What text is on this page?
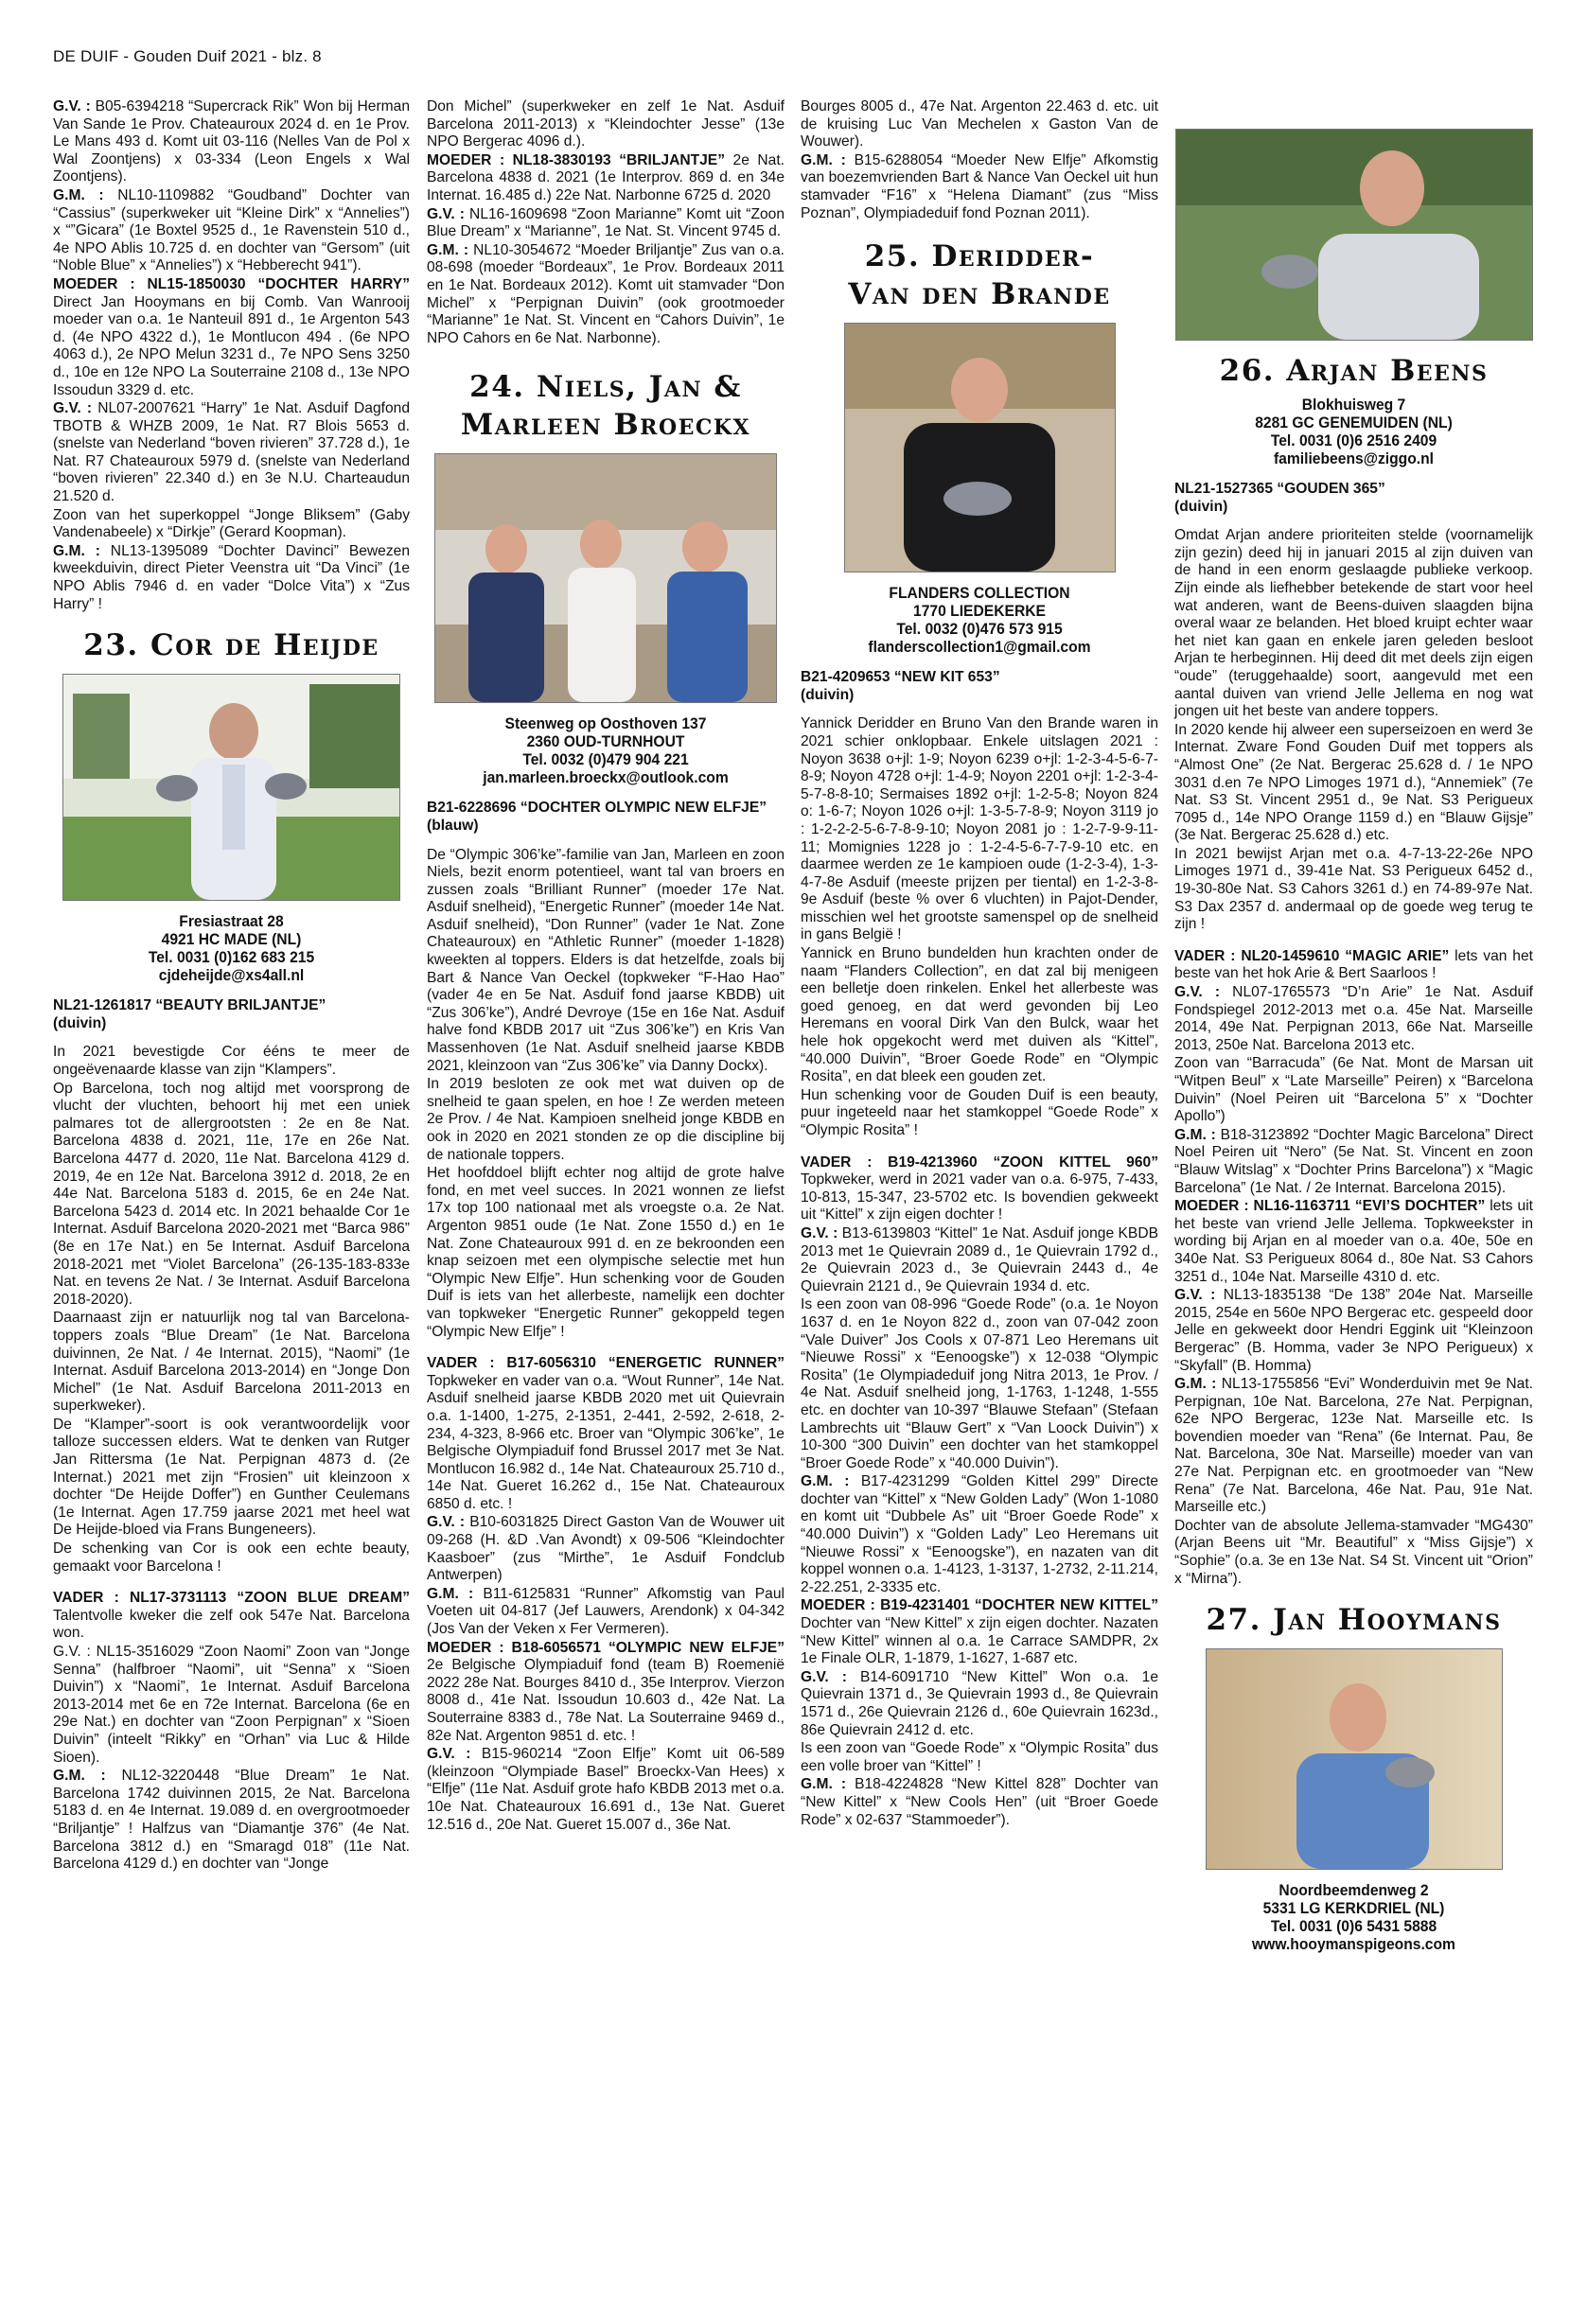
DE DUIF - Gouden Duif 2021 - blz. 8

G.V. : B05-6394218 “Supercrack Rik” Won bij Herman Van Sande 1e Prov. Chateauroux 2024 d. en 1e Prov. Le Mans 493 d. Komt uit 03-116 (Nelles Van de Pol x Wal Zoontjens) x 03-334 (Leon Engels x Wal Zoontjens).

G.M. : NL10-1109882 “Goudband” Dochter van “Cassius” (superkweker uit “Kleine Dirk” x “Annelies”) x “”Gicara” (1e Boxtel 9525 d., 1e Ravenstein 510 d., 4e NPO Ablis 10.725 d. en dochter van “Gersom” (uit “Noble Blue” x “Annelies”) x “Hebberecht 941”).

MOEDER : NL15-1850030 “DOCHTER HARRY” Direct Jan Hooymans en bij Comb. Van Wanrooij moeder van o.a. 1e Nanteuil 891 d., 1e Argenton 543 d. (4e NPO 4322 d.), 1e Montlucon 494 . (6e NPO 4063 d.), 2e NPO Melun 3231 d., 7e NPO Sens 3250 d., 10e en 12e NPO La Souterraine 2108 d., 13e NPO Issoudun 3329 d. etc.

G.V. : NL07-2007621 “Harry” 1e Nat. Asduif Dagfond TBOTB & WHZB 2009, 1e Nat. R7 Blois 5653 d. (snelste van Nederland “boven rivieren” 37.728 d.), 1e Nat. R7 Chateauroux 5979 d. (snelste van Nederland “boven rivieren” 22.340 d.) en 3e N.U. Charteaudun 21.520 d.

Zoon van het superkoppel “Jonge Bliksem” (Gaby Vandenabeele) x “Dirkje” (Gerard Koopman).

G.M. : NL13-1395089 “Dochter Davinci” Bewezen kweekduivin, direct Pieter Veenstra uit “Da Vinci” (1e NPO Ablis 7946 d. en vader “Dolce Vita”) x “Zus Harry” !

23. Cor de Heijde
Fresiastraat 28
4921 HC MADE (NL)
Tel. 0031 (0)162 683 215
cjdeheijde@xs4all.nl
NL21-1261817 “BEAUTY BRILJANTJE”
(duivin)

In 2021 bevestigde Cor ééns te meer de ongeëvenaarde klasse van zijn “Klampers”.

Op Barcelona, toch nog altijd met voorsprong de vlucht der vluchten, behoort hij met een uniek palmares tot de allergrootsten : 2e en 8e Nat. Barcelona 4838 d. 2021, 11e, 17e en 26e Nat. Barcelona 4477 d. 2020, 11e Nat. Barcelona 4129 d. 2019, 4e en 12e Nat. Barcelona 3912 d. 2018, 2e en 44e Nat. Barcelona 5183 d. 2015, 6e en 24e Nat. Barcelona 5423 d. 2014 etc. In 2021 behaalde Cor 1e Internat. Asduif Barcelona 2020-2021 met “Barca 986” (8e en 17e Nat.) en 5e Internat. Asduif Barcelona 2018-2021 met “Violet Barcelona” (26-135-183-833e Nat. en tevens 2e Nat. / 3e Internat. Asduif Barcelona 2018-2020).

Daarnaast zijn er natuurlijk nog tal van Barcelona-toppers zoals “Blue Dream” (1e Nat. Barcelona duivinnen, 2e Nat. / 4e Internat. 2015), “Naomi” (1e Internat. Asduif Barcelona 2013-2014) en “Jonge Don Michel” (1e Nat. Asduif Barcelona 2011-2013 en superkweker).

De “Klamper”-soort is ook verantwoordelijk voor talloze successen elders. Wat te denken van Rutger Jan Rittersma (1e Nat. Perpignan 4873 d. (2e Internat.) 2021 met zijn “Frosien” uit kleinzoon x dochter “De Heijde Doffer”) en Gunther Ceulemans (1e Internat. Agen 17.759 jaarse 2021 met heel wat De Heijde-bloed via Frans Bungeneers).

De schenking van Cor is ook een echte beauty, gemaakt voor Barcelona !

VADER : NL17-3731113 “ZOON BLUE DREAM” Talentvolle kweker die zelf ook 547e Nat. Barcelona won.

G.V. : NL15-3516029 “Zoon Naomi” Zoon van “Jonge Senna” (halfbroer “Naomi”, uit “Senna” x “Sioen Duivin”) x “Naomi”, 1e Internat. Asduif Barcelona 2013-2014 met 6e en 72e Internat. Barcelona (6e en 29e Nat.) en dochter van “Zoon Perpignan” x “Sioen Duivin” (inteelt “Rikky” en “Orhan” via Luc & Hilde Sioen).

G.M. : NL12-3220448 “Blue Dream” 1e Nat. Barcelona 1742 duivinnen 2015, 2e Nat. Barcelona 5183 d. en 4e Internat. 19.089 d. en overgrootmoeder “Briljantje” ! Halfzus van “Diamantje 376” (4e Nat. Barcelona 3812 d.) en “Smaragd 018” (11e Nat. Barcelona 4129 d.) en dochter van “Jonge

Don Michel” (superkweker en zelf 1e Nat. Asduif Barcelona 2011-2013) x “Kleindochter Jesse” (13e NPO Bergerac 4096 d.).

MOEDER : NL18-3830193 “BRILJANTJE” 2e Nat. Barcelona 4838 d. 2021 (1e Interprov. 869 d. en 34e Internat. 16.485 d.) 22e Nat. Narbonne 6725 d. 2020

G.V. : NL16-1609698 “Zoon Marianne” Komt uit “Zoon Blue Dream” x “Marianne”, 1e Nat. St. Vincent 9745 d.

G.M. : NL10-3054672 “Moeder Briljantje” Zus van o.a. 08-698 (moeder “Bordeaux”, 1e Prov. Bordeaux 2011 en 1e Nat. Bordeaux 2012). Komt uit stamvader “Don Michel” x “Perpignan Duivin” (ook grootmoeder “Marianne” 1e Nat. St. Vincent en “Cahors Duivin”, 1e NPO Cahors en 6e Nat. Narbonne).

24. Niels, Jan &
Marleen Broeckx
Steenweg op Oosthoven 137
2360 OUD-TURNHOUT
Tel. 0032 (0)479 904 221
jan.marleen.broeckx@outlook.com
B21-6228696 “DOCHTER OLYMPIC NEW ELFJE”
(blauw)

De “Olympic 306’ke”-familie van Jan, Marleen en zoon Niels, bezit enorm potentieel, want tal van broers en zussen zoals “Brilliant Runner” (moeder 17e Nat. Asduif snelheid), “Energetic Runner” (moeder 14e Nat. Asduif snelheid), “Don Runner” (vader 1e Nat. Zone Chateauroux) en “Athletic Runner” (moeder 1-1828) kweekten al toppers. Elders is dat hetzelfde, zoals bij Bart & Nance Van Oeckel (topkweker “F-Hao Hao” (vader 4e en 5e Nat. Asduif fond jaarse KBDB) uit “Zus 306’ke”), André Devroye (15e en 16e Nat. Asduif halve fond KBDB 2017 uit “Zus 306’ke”) en Kris Van Massenhoven (1e Nat. Asduif snelheid jaarse KBDB 2021, kleinzoon van “Zus 306’ke” via Danny Dockx).

In 2019 besloten ze ook met wat duiven op de snelheid te gaan spelen, en hoe ! Ze werden meteen 2e Prov. / 4e Nat. Kampioen snelheid jonge KBDB en ook in 2020 en 2021 stonden ze op die discipline bij de nationale toppers.

Het hoofddoel blijft echter nog altijd de grote halve fond, en met veel succes. In 2021 wonnen ze liefst 17x top 100 nationaal met als vroegste o.a. 2e Nat. Argenton 9851 oude (1e Nat. Zone 1550 d.) en 1e Nat. Zone Chateauroux 991 d. en ze bekroonden een knap seizoen met een olympische selectie met hun “Olympic New Elfje”. Hun schenking voor de Gouden Duif is iets van het allerbeste, namelijk een dochter van topkweker “Energetic Runner” gekoppeld tegen “Olympic New Elfje” !

VADER : B17-6056310 “ENERGETIC RUNNER” Topkweker en vader van o.a. “Wout Runner”, 14e Nat. Asduif snelheid jaarse KBDB 2020 met uit Quievrain o.a. 1-1400, 1-275, 2-1351, 2-441, 2-592, 2-618, 2-234, 4-323, 8-966 etc. Broer van “Olympic 306’ke”, 1e Belgische Olympiaduif fond Brussel 2017 met 3e Nat. Montlucon 16.982 d., 14e Nat. Chateauroux 25.710 d., 14e Nat. Gueret 16.262 d., 15e Nat. Chateauroux 6850 d. etc. !

G.V. : B10-6031825 Direct Gaston Van de Wouwer uit 09-268 (H. &D .Van Avondt) x 09-506 “Kleindochter Kaasboer” (zus “Mirthe”, 1e Asduif Fondclub Antwerpen)

G.M. : B11-6125831 “Runner” Afkomstig van Paul Voeten uit 04-817 (Jef Lauwers, Arendonk) x 04-342 (Jos Van der Veken x Fer Vermeren).

MOEDER : B18-6056571 “OLYMPIC NEW ELFJE” 2e Belgische Olympiaduif fond (team B) Roemenië 2022 28e Nat. Bourges 8410 d., 35e Interprov. Vierzon 8008 d., 41e Nat. Issoudun 10.603 d., 42e Nat. La Souterraine 8383 d., 78e Nat. La Souterraine 9469 d., 82e Nat. Argenton 9851 d. etc. !

G.V. : B15-960214 “Zoon Elfje” Komt uit 06-589 (kleinzoon “Olympiade Basel” Broeckx-Van Hees) x “Elfje” (11e Nat. Asduif grote hafo KBDB 2013 met o.a. 10e Nat. Chateauroux 16.691 d., 13e Nat. Gueret 12.516 d., 20e Nat. Gueret 15.007 d., 36e Nat.

Bourges 8005 d., 47e Nat. Argenton 22.463 d. etc. uit de kruising Luc Van Mechelen x Gaston Van de Wouwer).

G.M. : B15-6288054 “Moeder New Elfje” Afkomstig van boezemvrienden Bart & Nance Van Oeckel uit hun stamvader “F16” x “Helena Diamant” (zus “Miss Poznan”, Olympiadeduif fond Poznan 2011).

25. Deridder-
Van den Brande
FLANDERS COLLECTION
1770 LIEDEKERKE
Tel. 0032 (0)476 573 915
flanderscollection1@gmail.com
B21-4209653 “NEW KIT 653”
(duivin)

Yannick Deridder en Bruno Van den Brande waren in 2021 schier onklopbaar. Enkele uitslagen 2021 : Noyon 3638 o+jl: 1-9; Noyon 6239 o+jl: 1-2-3-4-5-6-7-8-9; Noyon 4728 o+jl: 1-4-9; Noyon 2201 o+jl: 1-2-3-4-5-7-8-8-10; Sermaises 1892 o+jl: 1-2-5-8; Noyon 824 o: 1-6-7; Noyon 1026 o+jl: 1-3-5-7-8-9; Noyon 3119 jo : 1-2-2-2-5-6-7-8-9-10; Noyon 2081 jo : 1-2-7-9-9-11-11; Momignies 1228 jo : 1-2-4-5-6-7-7-9-10 etc. en daarmee werden ze 1e kampioen oude (1-2-3-4), 1-3-4-7-8e Asduif (meeste prijzen per tiental) en 1-2-3-8-9e Asduif (beste % over 6 vluchten) in Pajot-Dender, misschien wel het grootste samenspel op de snelheid in gans België !

Yannick en Bruno bundelden hun krachten onder de naam “Flanders Collection”, en dat zal bij menigeen een belletje doen rinkelen. Enkel het allerbeste was goed genoeg, en dat werd gevonden bij Leo Heremans en vooral Dirk Van den Bulck, waar het hele hok opgekocht werd met duiven als “Kittel”, “40.000 Duivin”, “Broer Goede Rode” en “Olympic Rosita”, en dat bleek een gouden zet.

Hun schenking voor de Gouden Duif is een beauty, puur ingeteeld naar het stamkoppel “Goede Rode” x “Olympic Rosita” !

VADER : B19-4213960 “ZOON KITTEL 960” Topkweker, werd in 2021 vader van o.a. 6-975, 7-433, 10-813, 15-347, 23-5702 etc. Is bovendien gekweekt uit “Kittel” x zijn eigen dochter !

G.V. : B13-6139803 “Kittel” 1e Nat. Asduif jonge KBDB 2013 met 1e Quievrain 2089 d., 1e Quievrain 1792 d., 2e Quievrain 2023 d., 3e Quievrain 2443 d., 4e Quievrain 2121 d., 9e Quievrain 1934 d. etc.

Is een zoon van 08-996 “Goede Rode” (o.a. 1e Noyon 1637 d. en 1e Noyon 822 d., zoon van 07-042 zoon “Vale Duiver” Jos Cools x 07-871 Leo Heremans uit “Nieuwe Rossi” x “Eenoogske”) x 12-038 “Olympic Rosita” (1e Olympiadeduif jong Nitra 2013, 1e Prov. / 4e Nat. Asduif snelheid jong, 1-1763, 1-1248, 1-555 etc. en dochter van 10-397 “Blauwe Stefaan” (Stefaan Lambrechts uit “Blauw Gert” x “Van Loock Duivin”) x 10-300 “300 Duivin” een dochter van het stamkoppel “Broer Goede Rode” x “40.000 Duivin”).

G.M. : B17-4231299 “Golden Kittel 299” Directe dochter van “Kittel” x “New Golden Lady” (Won 1-1080 en komt uit “Dubbele As” uit “Broer Goede Rode” x “40.000 Duivin”) x “Golden Lady” Leo Heremans uit “Nieuwe Rossi” x “Eenoogske”), en nazaten van dit koppel wonnen o.a. 1-4123, 1-3137, 1-2732, 2-11.214, 2-22.251, 2-3335 etc.

MOEDER : B19-4231401 “DOCHTER NEW KITTEL” Dochter van “New Kittel” x zijn eigen dochter. Nazaten “New Kittel” winnen al o.a. 1e Carrace SAMDPR, 2x 1e Finale OLR, 1-1879, 1-1627, 1-687 etc.

G.V. : B14-6091710 “New Kittel” Won o.a. 1e Quievrain 1371 d., 3e Quievrain 1993 d., 8e Quievrain 1571 d., 26e Quievrain 2126 d., 60e Quievrain 1623d., 86e Quievrain 2412 d. etc.

Is een zoon van “Goede Rode” x “Olympic Rosita” dus een volle broer van “Kittel” !

G.M. : B18-4224828 “New Kittel 828” Dochter van “New Kittel” x “New Cools Hen” (uit “Broer Goede Rode” x 02-637 “Stammoeder”).

26. Arjan Beens
Blokhuisweg 7
8281 GC GENEMUIDEN (NL)
Tel. 0031 (0)6 2516 2409
familiebeens@ziggo.nl
NL21-1527365 “GOUDEN 365”
(duivin)

Omdat Arjan andere prioriteiten stelde (voornamelijk zijn gezin) deed hij in januari 2015 al zijn duiven van de hand in een enorm geslaagde publieke verkoop. Zijn einde als liefhebber betekende de start voor heel wat anderen, want de Beens-duiven slaagden bijna overal waar ze belanden. Het bloed kruipt echter waar het niet kan gaan en enkele jaren geleden besloot Arjan te herbeginnen. Hij deed dit met deels zijn eigen “oude” (teruggehaalde) soort, aangevuld met een aantal duiven van vriend Jelle Jellema en nog wat jongen uit het beste van andere toppers.

In 2020 kende hij alweer een superseizoen en werd 3e Internat. Zware Fond Gouden Duif met toppers als “Almost One” (2e Nat. Bergerac 25.628 d. / 1e NPO 3031 d.en 7e NPO Limoges 1971 d.), “Annemiek” (7e Nat. S3 St. Vincent 2951 d., 9e Nat. S3 Perigueux 7095 d., 14e NPO Orange 1159 d.) en “Blauw Gijsje” (3e Nat. Bergerac 25.628 d.) etc.

In 2021 bewijst Arjan met o.a. 4-7-13-22-26e NPO Limoges 1971 d., 39-41e Nat. S3 Perigueux 6452 d., 19-30-80e Nat. S3 Cahors 3261 d.) en 74-89-97e Nat. S3 Dax 2357 d. andermaal op de goede weg terug te zijn !

VADER : NL20-1459610 “MAGIC ARIE” lets van het beste van het hok Arie & Bert Saarloos !

G.V. : NL07-1765573 “D’n Arie” 1e Nat. Asduif Fondspiegel 2012-2013 met o.a. 45e Nat. Marseille 2014, 49e Nat. Perpignan 2013, 66e Nat. Marseille 2013, 250e Nat. Barcelona 2013 etc.

Zoon van “Barracuda” (6e Nat. Mont de Marsan uit “Witpen Beul” x “Late Marseille” Peiren) x “Barcelona Duivin” (Noel Peiren uit “Barcelona 5” x “Dochter Apollo”)

G.M. : B18-3123892 “Dochter Magic Barcelona” Direct Noel Peiren uit “Nero” (5e Nat. St. Vincent en zoon “Blauw Witslag” x “Dochter Prins Barcelona”) x “Magic Barcelona” (1e Nat. / 2e Internat. Barcelona 2015).

MOEDER : NL16-1163711 “EVI’S DOCHTER” lets uit het beste van vriend Jelle Jellema. Topkweekster in wording bij Arjan en al moeder van o.a. 40e, 50e en 340e Nat. S3 Perigueux 8064 d., 80e Nat. S3 Cahors 3251 d., 104e Nat. Marseille 4310 d. etc.

G.V. : NL13-1835138 “De 138” 204e Nat. Marseille 2015, 254e en 560e NPO Bergerac etc. gespeeld door Jelle en gekweekt door Hendri Eggink uit “Kleinzoon Bergerac” (B. Homma, vader 3e NPO Perigueux) x “Skyfall” (B. Homma)

G.M. : NL13-1755856 “Evi” Wonderduivin met 9e Nat. Perpignan, 10e Nat. Barcelona, 27e Nat. Perpignan, 62e NPO Bergerac, 123e Nat. Marseille etc. Is bovendien moeder van “Rena” (6e Internat. Pau, 8e Nat. Barcelona, 30e Nat. Marseille) moeder van van 27e Nat. Perpignan etc. en grootmoeder van “New Rena” (7e Nat. Barcelona, 46e Nat. Pau, 91e Nat. Marseille etc.)

Dochter van de absolute Jellema-stamvader “MG430” (Arjan Beens uit “Mr. Beautiful” x “Miss Gijsje”) x “Sophie” (o.a. 3e en 13e Nat. S4 St. Vincent uit “Orion” x “Mirna”).

27. Jan Hooymans
Noordbeemdenweg 2
5331 LG KERKDRIEL (NL)
Tel. 0031 (0)6 5431 5888
www.hooymanspigeons.com
